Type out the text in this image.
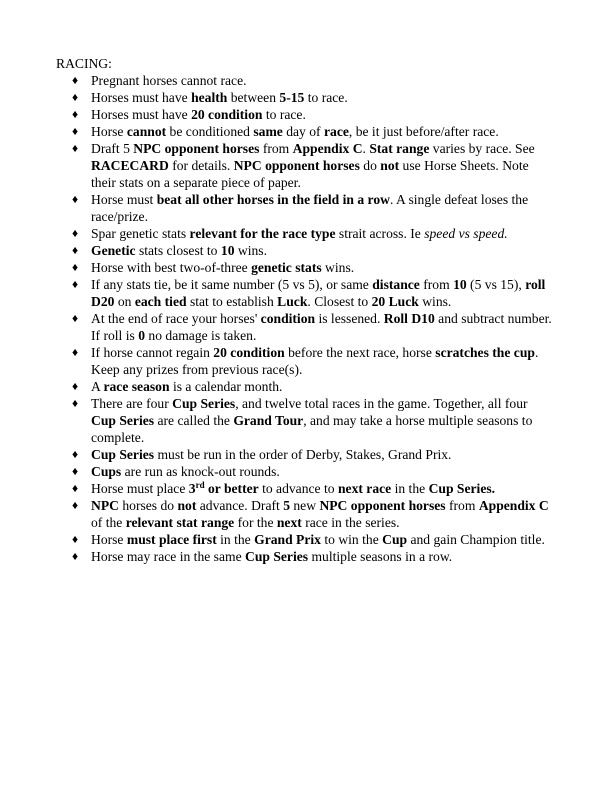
RACING:
♦ Pregnant horses cannot race.
♦ Horses must have health between 5-15 to race.
♦ Horses must have 20 condition to race.
♦ Horse cannot be conditioned same day of race, be it just before/after race.
♦ Draft 5 NPC opponent horses from Appendix C. Stat range varies by race. See RACECARD for details. NPC opponent horses do not use Horse Sheets. Note their stats on a separate piece of paper.
♦ Horse must beat all other horses in the field in a row. A single defeat loses the race/prize.
♦ Spar genetic stats relevant for the race type strait across. Ie speed vs speed.
♦ Genetic stats closest to 10 wins.
♦ Horse with best two-of-three genetic stats wins.
♦ If any stats tie, be it same number (5 vs 5), or same distance from 10 (5 vs 15), roll D20 on each tied stat to establish Luck. Closest to 20 Luck wins.
♦ At the end of race your horses' condition is lessened. Roll D10 and subtract number. If roll is 0 no damage is taken.
♦ If horse cannot regain 20 condition before the next race, horse scratches the cup. Keep any prizes from previous race(s).
♦ A race season is a calendar month.
♦ There are four Cup Series, and twelve total races in the game. Together, all four Cup Series are called the Grand Tour, and may take a horse multiple seasons to complete.
♦ Cup Series must be run in the order of Derby, Stakes, Grand Prix.
♦ Cups are run as knock-out rounds.
♦ Horse must place 3rd or better to advance to next race in the Cup Series.
♦ NPC horses do not advance. Draft 5 new NPC opponent horses from Appendix C of the relevant stat range for the next race in the series.
♦ Horse must place first in the Grand Prix to win the Cup and gain Champion title.
♦ Horse may race in the same Cup Series multiple seasons in a row.
